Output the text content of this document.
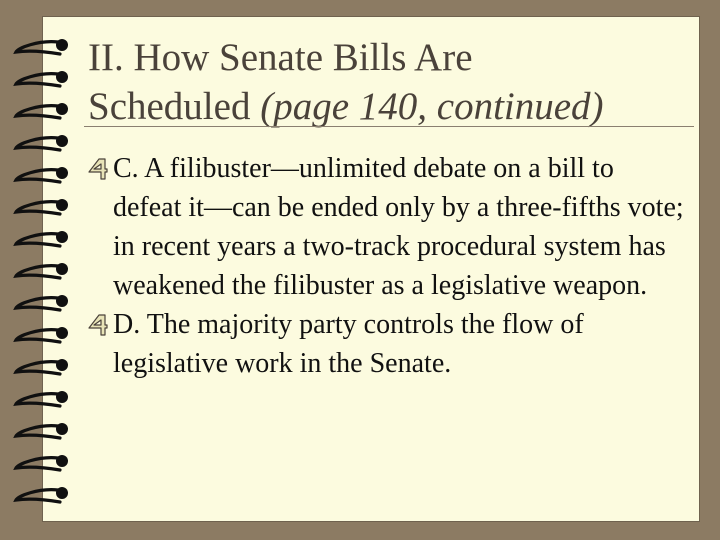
II. How Senate Bills Are
Scheduled (page 140, continued)
C. A filibuster—unlimited debate on a bill to defeat it—can be ended only by a three-fifths vote; in recent years a two-track procedural system has weakened the filibuster as a legislative weapon.
D. The majority party controls the flow of legislative work in the Senate.
